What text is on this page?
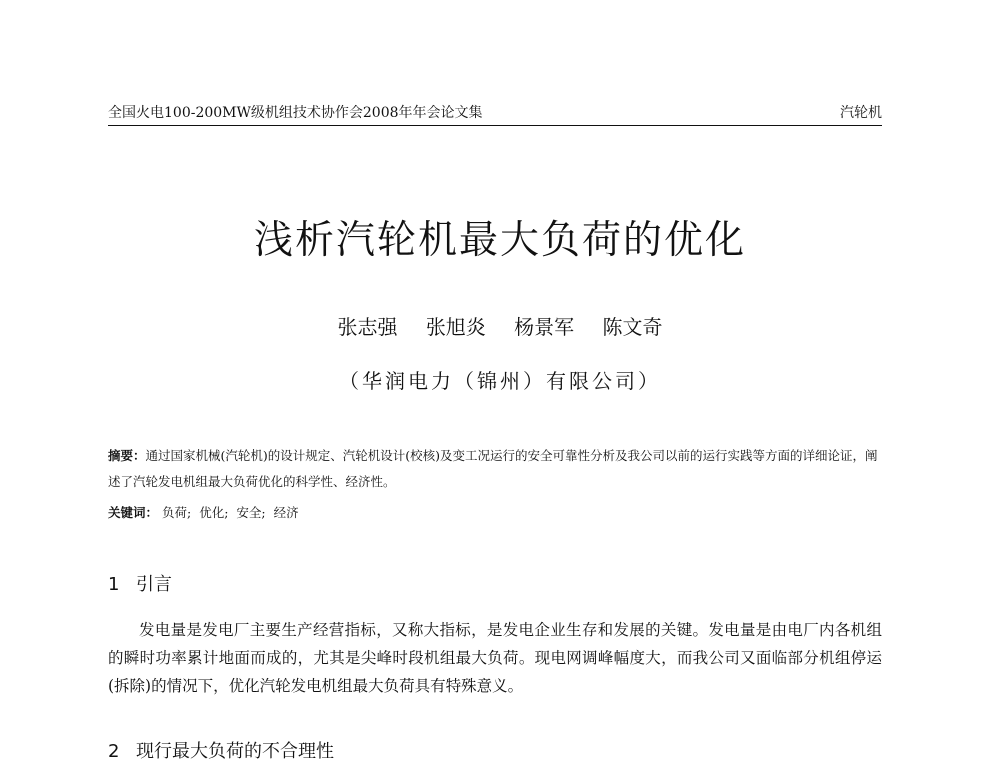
全国火电100-200MW级机组技术协作会2008年年会论文集	汽轮机
浅析汽轮机最大负荷的优化
张志强 张旭炎 杨景军 陈文奇
（华润电力（锦州）有限公司）
摘要：通过国家机械(汽轮机)的设计规定、汽轮机设计(校核)及变工况运行的安全可靠性分析及我公司以前的运行实践等方面的详细论证，阐述了汽轮发电机组最大负荷优化的科学性、经济性。
关键词： 负荷; 优化; 安全; 经济
1 引言
发电量是发电厂主要生产经营指标，又称大指标，是发电企业生存和发展的关键。发电量是由电厂内各机组的瞬时功率累计地面而成的，尤其是尖峰时段机组最大负荷。现电网调峰幅度大，而我公司又面临部分机组停运(拆除)的情况下，优化汽轮发电机组最大负荷具有特殊意义。
2 现行最大负荷的不合理性
